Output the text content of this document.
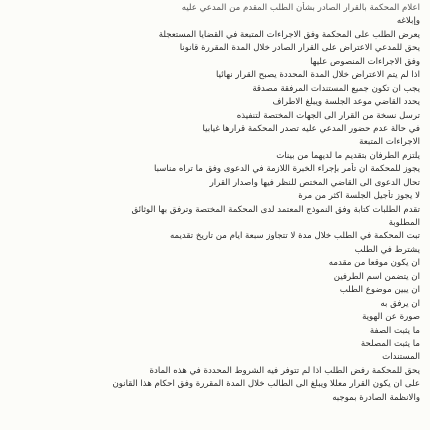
اعلام المحكمة بالقرار الصادر بشأن الطلب المقدم من المدعي عليه
وإبلاغه
يعرض الطلب على المحكمة وفق الاجراءات المتبعة في القضايا المستعجلة
يحق للمدعي الاعتراض على القرار الصادر خلال المدة المقررة قانونا
وفق الاجراءات المنصوص عليها
اذا لم يتم الاعتراض خلال المدة المحددة يصبح القرار نهائيا
يجب ان تكون جميع المستندات المرفقة مصدقة
يحدد القاضي موعد الجلسة ويبلغ الاطراف
ترسل نسخة من القرار الى الجهات المختصة لتنفيذه
في حالة عدم حضور المدعي عليه تصدر المحكمة قرارها غيابيا
الاجراءات المتبعة
يلتزم الطرفان بتقديم ما لديهما من بينات
يجوز للمحكمة ان تأمر بإجراء الخبرة اللازمة في الدعوى وفق ما تراه مناسبا
تحال الدعوى الى القاضي المختص للنظر فيها واصدار القرار
لا يجوز تأجيل الجلسة اكثر من مرة
تقدم الطلبات كتابة وفق النموذج المعتمد لدى المحكمة المختصة وترفق بها الوثائق
المطلوبة
تبت المحكمة في الطلب خلال مدة لا تتجاوز سبعة ايام من تاريخ تقديمه
يشترط في الطلب
ان يكون موقعا من مقدمه
ان يتضمن اسم الطرفين
ان يبين موضوع الطلب
ان يرفق به
صورة عن الهوية
ما يثبت الصفة
ما يثبت المصلحة
المستندات
يحق للمحكمة رفض الطلب اذا لم تتوفر فيه الشروط المحددة في هذه المادة
على ان يكون القرار معللا ويبلغ الى الطالب خلال المدة المقررة وفق احكام هذا القانون
والانظمة الصادرة بموجبه
